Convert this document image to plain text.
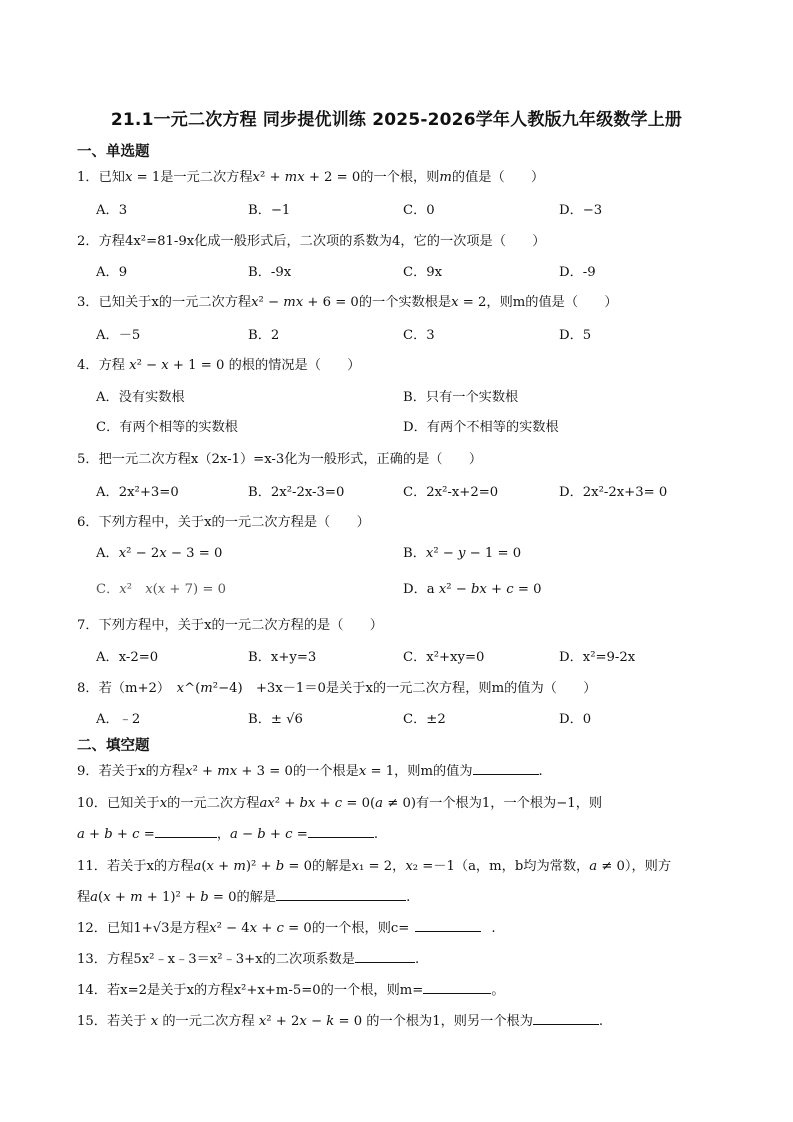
21.1一元二次方程 同步提优训练 2025-2026学年人教版九年级数学上册
一、单选题
1．已知𝑥 = 1是一元二次方程𝑥² + 𝑚𝑥 + 2 = 0的一个根，则𝑚的值是（　　）
A．3	B．−1	C．0	D．−3
2．方程4x²=81-9x化成一般形式后，二次项的系数为4，它的一次项是（　　）
A．9	B．-9x	C．9x	D．-9
3．已知关于x的一元二次方程𝑥² − 𝑚𝑥 + 6 = 0的一个实数根是𝑥 = 2，则m的值是（　　）
A．－5	B．2	C．3	D．5
4．方程 𝑥² − 𝑥 + 1 = 0 的根的情况是（　　）
A．没有实数根	B．只有一个实数根
C．有两个相等的实数根	D．有两个不相等的实数根
5．把一元二次方程x（2x-1）=x-3化为一般形式，正确的是（　　）
A．2x²+3=0	B．2x²-2x-3=0	C．2x²-x+2=0	D．2x²-2x+3= 0
6．下列方程中，关于x的一元二次方程是（　　）
A．𝑥² − 2𝑥 − 3 = 0	B．𝑥² − 𝑦 − 1 = 0
C．𝑥²　𝑥(𝑥 + 7) = 0	D．a 𝑥² − 𝑏𝑥 + 𝑐 = 0
7．下列方程中，关于x的一元二次方程的是（　　）
A．x-2=0	B．x+y=3	C．x²+xy=0	D．x²=9-2x
8．若（m+2）　𝑥^(𝑚²−4)　+3x－1＝0是关于x的一元二次方程，则m的值为（　　）
A．﹣2	B．± √6	C．±2	D．0
二、填空题
9．若关于x的方程𝑥² + 𝑚𝑥 + 3 = 0的一个根是𝑥 = 1，则m的值为	.
10．已知关于𝑥的一元二次方程𝑎𝑥² + 𝑏𝑥 + 𝑐 = 0(𝑎 ≠ 0)有一个根为1，一个根为−1，则
𝑎 + 𝑏 + 𝑐 =	，𝑎 − 𝑏 + 𝑐 =	.
11．若关于x的方程𝑎(𝑥 + 𝑚)² + 𝑏 = 0的解是𝑥₁ = 2，𝑥₂ =－1（a，m，b均为常数，𝑎 ≠ 0），则方
程𝑎(𝑥 + 𝑚 + 1)² + 𝑏 = 0的解是	.
12．已知1+√3是方程𝑥² − 4𝑥 + 𝑐 = 0的一个根，则c=	.
13．方程5x²﹣x﹣3＝x²﹣3+x的二次项系数是	.
14．若x=2是关于x的方程x²+x+m-5=0的一个根，则m=	。
15．若关于 𝑥 的一元二次方程 𝑥² + 2𝑥 − 𝑘 = 0 的一个根为1，则另一个根为	.
